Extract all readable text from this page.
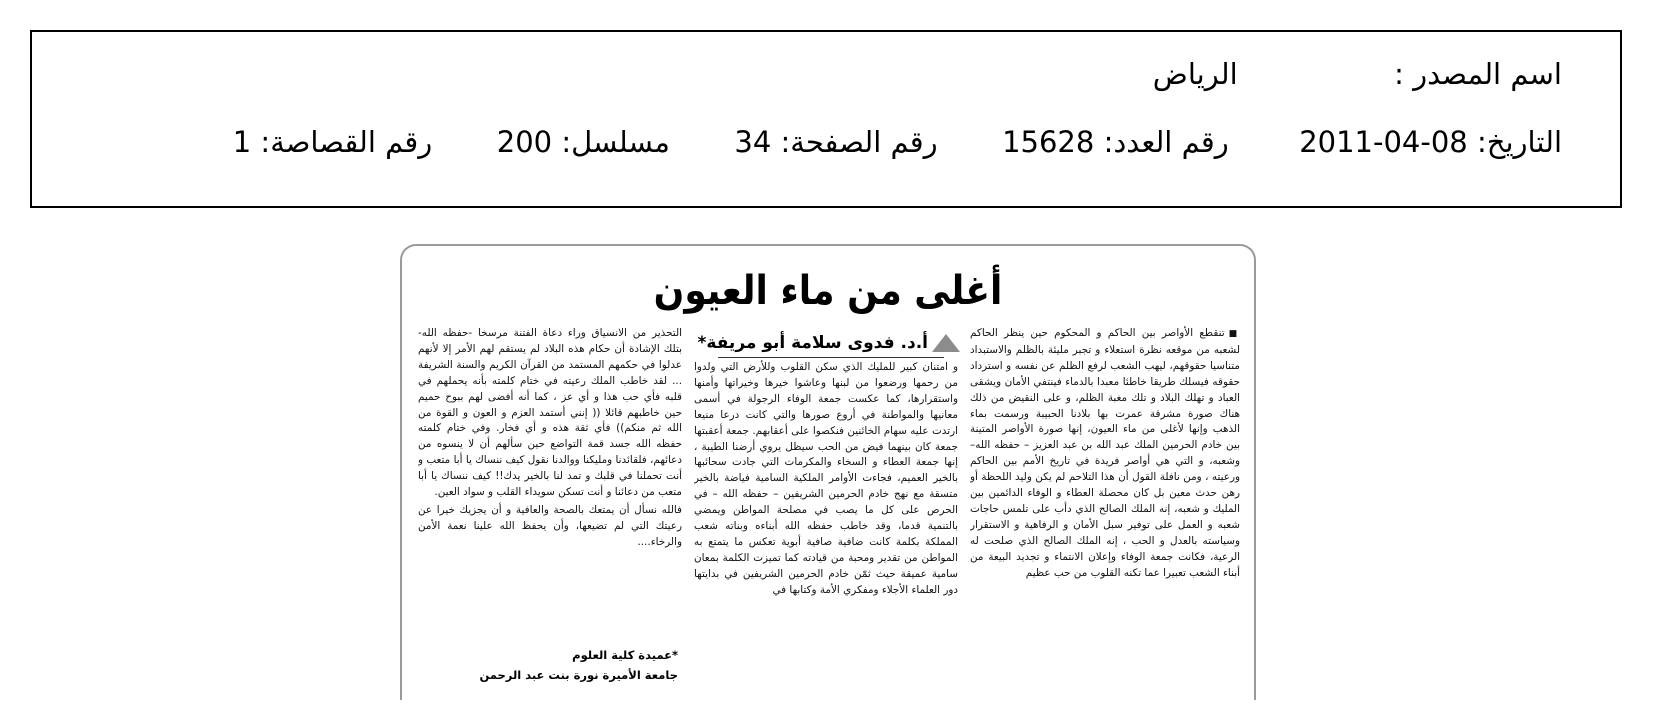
اسم المصدر :  الرياض
التاريخ: 2011-04-08  رقم العدد: 15628  رقم الصفحة: 34  مسلسل: 200  رقم القصاصة: 1
أغلى من ماء العيون
أ.د. فدوى سلامة أبو مريفة*	■تنقطع الأواصر بين الحاكم و المحكوم حين ينظر الحاكم لشعبه من موقعه نظرة استعلاء و تجبر مليئة بالظلم والاستبداد متناسيا حقوقهم، ليهب الشعب لرفع الظلم عن نفسه و استرداد حقوقه فيسلك طريقا خاطئا معبدا بالدماء فينتفي الأمان ويشقى العباد و تهلك البلاد و تلك مغبة الظلم، و على النقيض من ذلك هناك صورة مشرقة عمرت بها بلادنا الحبيبة ورسمت بماء الذهب وإنها لأغلى من ماء العيون، إنها صورة الأواصر المتينة بين خادم الحرمين الملك عبد الله بن عبد العزيز – حفظه الله– وشعبه، و التي هي أواصر فريدة في تاريخ الأمم بين الحاكم ورعيته ، ومن نافلة القول أن هذا التلاحم لم يكن وليد اللحظة أو رهن حدث معين بل كان محصلة العطاء و الوفاء الدائمين بين المليك و شعبه، إنه الملك الصالح الذي دأب على تلمس حاجات شعبه و العمل على توفير سبل الأمان و الرفاهية و الاستقرار وسياسته بالعدل و الحب ، إنه الملك الصالح الذي صلحت له الرعية، فكانت جمعة الوفاء وإعلان الانتماء و تجديد البيعة من أبناء الشعب تعبيرا عما تكنه القلوب من حب عظيم

و امتنان كبير للمليك الذي سكن القلوب وللأرض التي ولدوا من رحمها ورضعوا من لبنها وعاشوا خيرها وخيراتها وأمنها واستقرارها، كما عكست جمعة الوفاء الرجولة في أسمى معانيها والمواطنة في أروع صورها والتي كانت درعا منيعا ارتدت عليه سهام الخائنين فنكصوا على أعقابهم. جمعة أعقبتها جمعة كان بينهما فيض من الحب سيظل يروي أرضنا الطيبة ، إنها جمعة العطاء و السخاء والمكرمات التي جادت سحائبها بالخير العميم، فجاءت الأوامر الملكية السامية فياضة بالخير متسقة مع نهج خادم الحرمين الشريفين – حفظه الله – في الحرص على كل ما يصب في مصلحة المواطن ويمضي بالتنمية قدما، وقد خاطب حفظه الله أبناءه وبناته شعب المملكة بكلمة كانت ضافية صافية أبوية تعكس ما يتمتع به المواطن من تقدير ومحبة من قيادته كما تميزت الكلمة بمعان سامية عميقة حيث ثمّن خادم الحرمين الشريفين في بدايتها دور العلماء الأجلاء ومفكري الأمة وكتابها في

التحذير من الانسياق وراء دعاة الفتنة مرسخا -حفظه الله- بتلك الإشادة أن حكام هذه البلاد لم يستقم لهم الأمر إلا لأنهم عدلوا في حكمهم المستمد من القرآن الكريم والسنة الشريفة ... لقد خاطب الملك رعيته في ختام كلمته بأنه يحملهم في قلبه فأي حب هذا و أي عز ، كما أنه أفضى لهم ببوح حميم حين خاطبهم قائلا (( إنني أستمد العزم و العون و القوة من الله ثم منكم)) فأي ثقة هذه و أي فخار. وفي ختام كلمته حفظه الله جسد قمة التواضع حين سألهم أن لا ينسوه من دعائهم، فلقائدنا ومليكنا ووالدنا نقول كيف ننساك يا أبا متعب و أنت تحملنا في قلبك و تمد لنا بالخير يدك!! كيف ننساك يا أبا متعب من دعائنا و أنت تسكن سويداء القلب و سواد العين.

فالله نسأل أن يمتعك بالصحة والعافية و أن يجزيك خيرا عن رعيتك التي لم تضيعها، وأن يحفظ الله علينا نعمة الأمن والرخاء....

*عميدة كلية العلوم
جامعة الأميرة نورة بنت عبد الرحمن
